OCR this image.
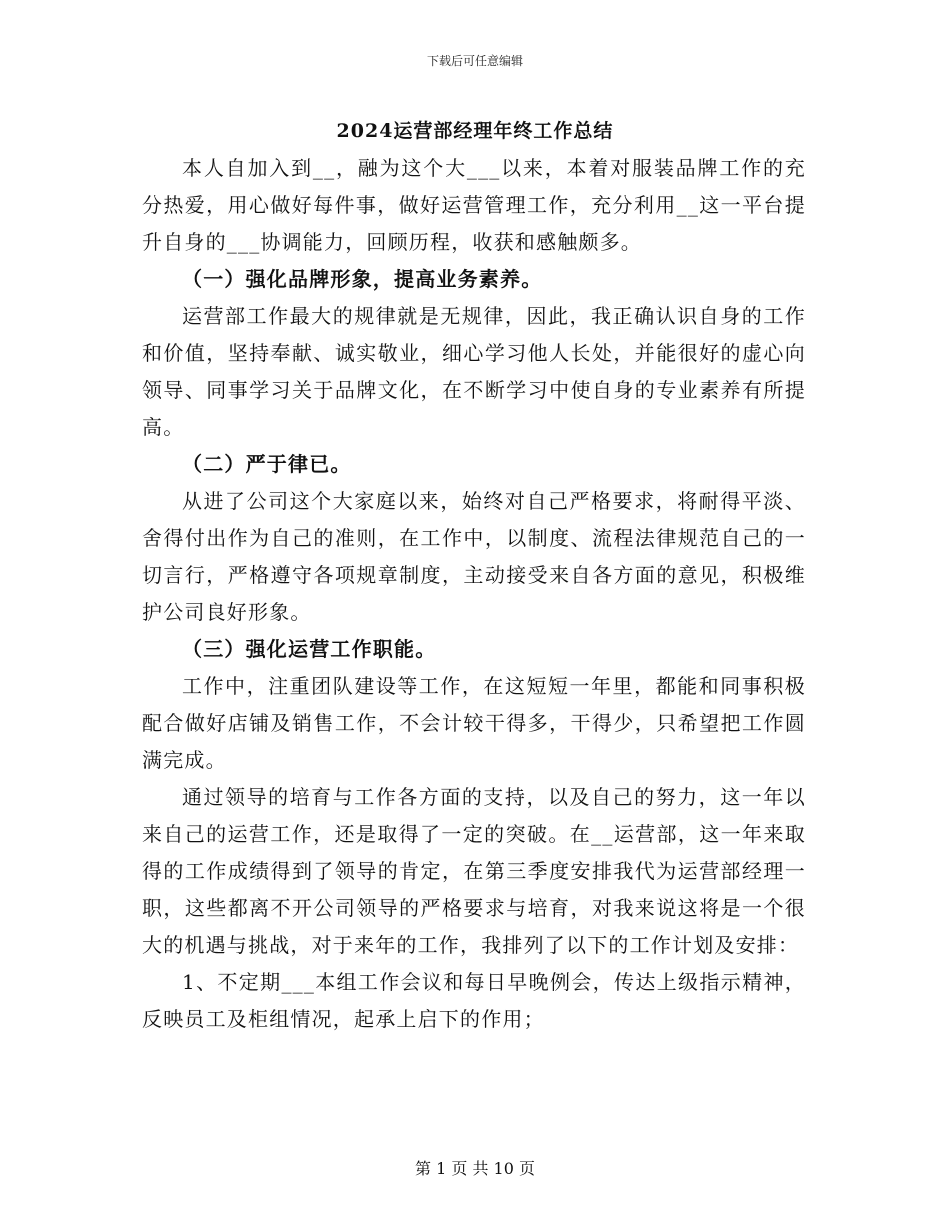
下载后可任意编辑
2024运营部经理年终工作总结

本人自加入到__，融为这个大___以来，本着对服装品牌工作的充分热爱，用心做好每件事，做好运营管理工作，充分利用__这一平台提升自身的___协调能力，回顾历程，收获和感触颇多。

（一）强化品牌形象，提高业务素养。

运营部工作最大的规律就是无规律，因此，我正确认识自身的工作和价值，坚持奉献、诚实敬业，细心学习他人长处，并能很好的虚心向领导、同事学习关于品牌文化，在不断学习中使自身的专业素养有所提高。

（二）严于律已。

从进了公司这个大家庭以来，始终对自己严格要求，将耐得平淡、舍得付出作为自己的准则，在工作中，以制度、流程法律规范自己的一切言行，严格遵守各项规章制度，主动接受来自各方面的意见，积极维护公司良好形象。

（三）强化运营工作职能。

工作中，注重团队建设等工作，在这短短一年里，都能和同事积极配合做好店铺及销售工作，不会计较干得多，干得少，只希望把工作圆满完成。

通过领导的培育与工作各方面的支持，以及自己的努力，这一年以来自己的运营工作，还是取得了一定的突破。在__运营部，这一年来取得的工作成绩得到了领导的肯定，在第三季度安排我代为运营部经理一职，这些都离不开公司领导的严格要求与培育，对我来说这将是一个很大的机遇与挑战，对于来年的工作，我排列了以下的工作计划及安排：

1、不定期___本组工作会议和每日早晚例会，传达上级指示精神，反映员工及柜组情况，起承上启下的作用；

第 1 页 共 10 页
